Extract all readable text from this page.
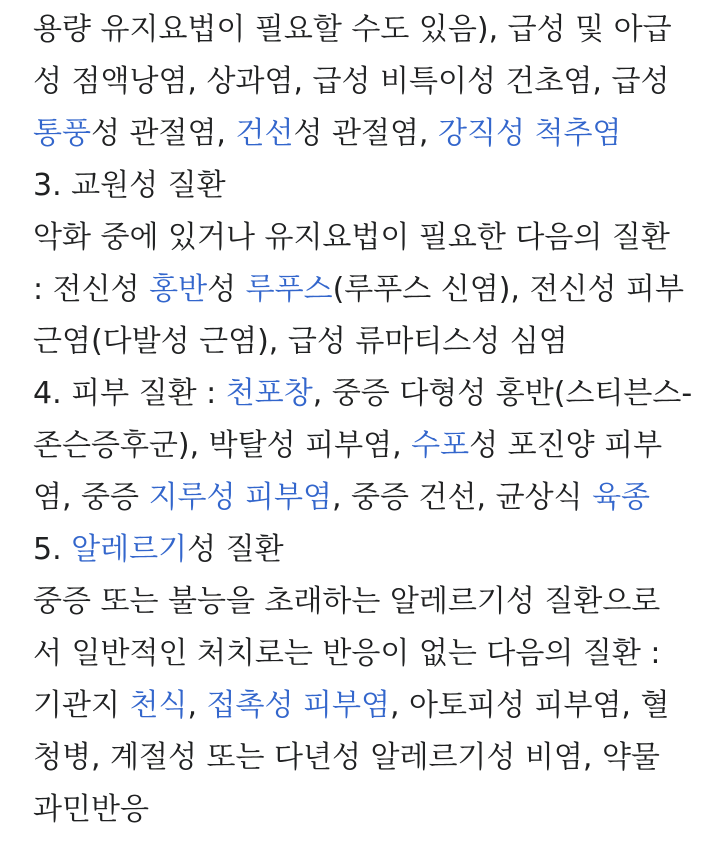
용량 유지요법이 필요할 수도 있음), 급성 및 아급
성 점액낭염, 상과염, 급성 비특이성 건초염, 급성
통풍성 관절염, 건선성 관절염, 강직성 척추염
3. 교원성 질환
악화 중에 있거나 유지요법이 필요한 다음의 질환
: 전신성 홍반성 루푸스(루푸스 신염), 전신성 피부
근염(다발성 근염), 급성 류마티스성 심염
4. 피부 질환 : 천포창, 중증 다형성 홍반(스티븐스-
존슨증후군), 박탈성 피부염, 수포성 포진양 피부
염, 중증 지루성 피부염, 중증 건선, 균상식 육종
5. 알레르기성 질환
중증 또는 불능을 초래하는 알레르기성 질환으로
서 일반적인 처치로는 반응이 없는 다음의 질환 :
기관지 천식, 접촉성 피부염, 아토피성 피부염, 혈
청병, 계절성 또는 다년성 알레르기성 비염, 약물
과민반응
